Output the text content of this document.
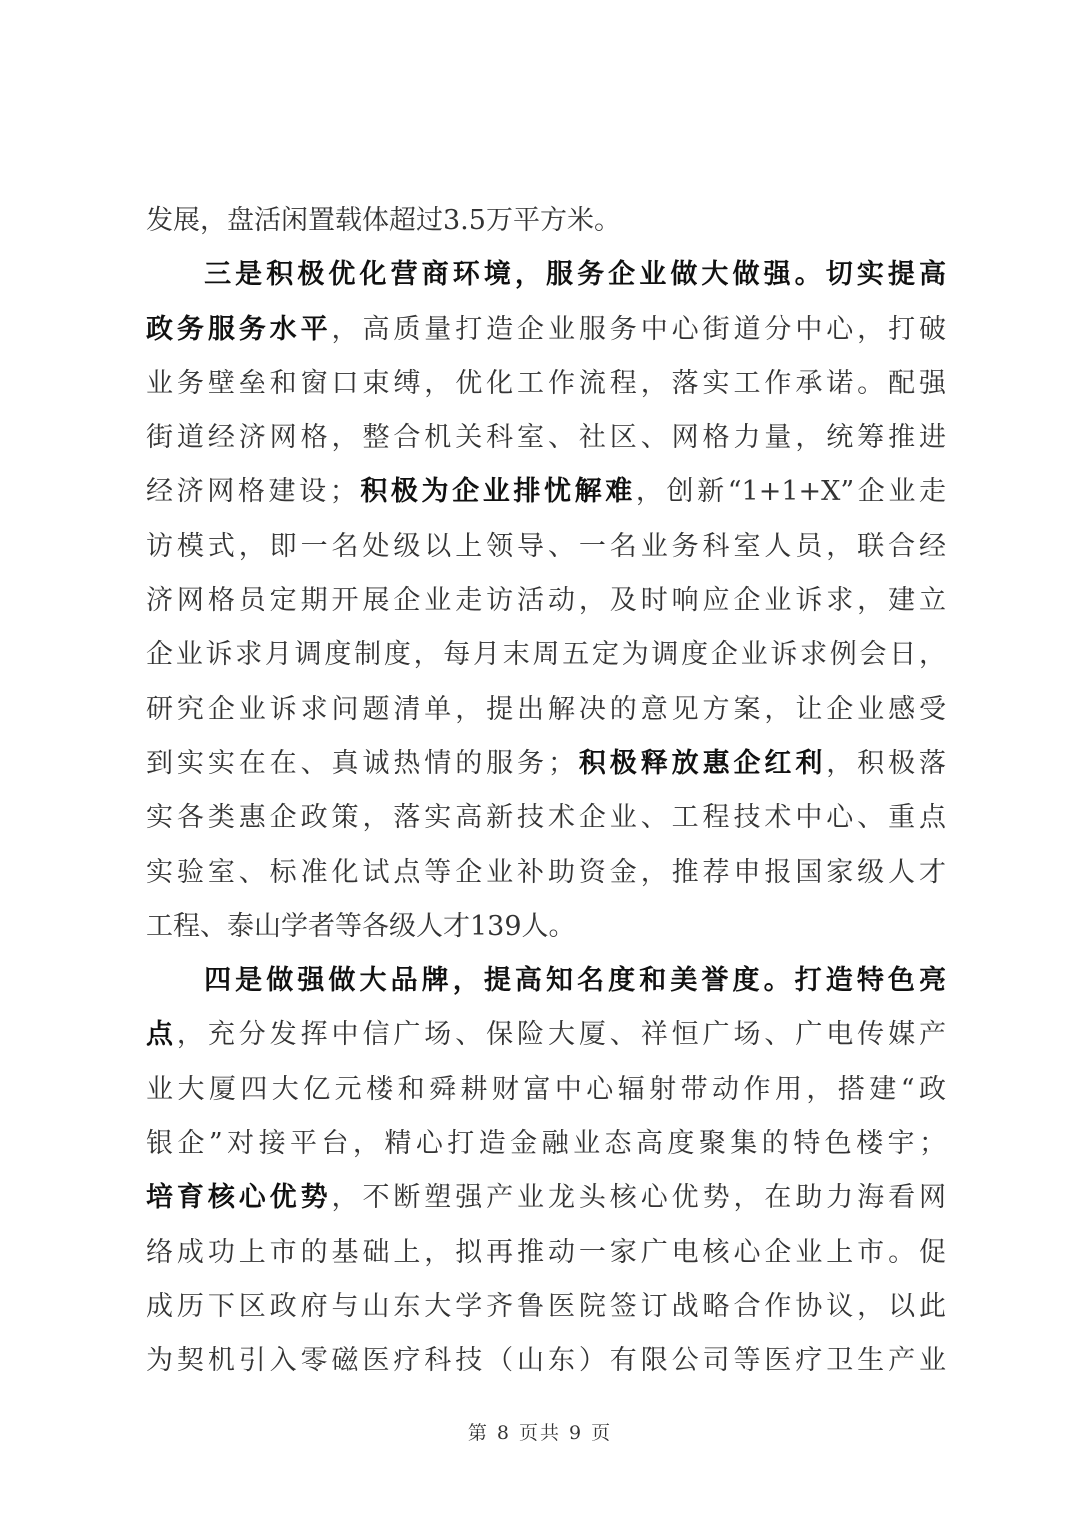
发展，盘活闲置载体超过3.5万平方米。
三是积极优化营商环境，服务企业做大做强。切实提高
政务服务水平，高质量打造企业服务中心街道分中心，打破
业务壁垒和窗口束缚，优化工作流程，落实工作承诺。配强
街道经济网格，整合机关科室、社区、网格力量，统筹推进
经济网格建设；积极为企业排忧解难，创新“1+1+X”企业走
访模式，即一名处级以上领导、一名业务科室人员，联合经
济网格员定期开展企业走访活动，及时响应企业诉求，建立
企业诉求月调度制度，每月末周五定为调度企业诉求例会日，
研究企业诉求问题清单，提出解决的意见方案，让企业感受
到实实在在、真诚热情的服务；积极释放惠企红利，积极落
实各类惠企政策，落实高新技术企业、工程技术中心、重点
实验室、标准化试点等企业补助资金，推荐申报国家级人才
工程、泰山学者等各级人才139人。
四是做强做大品牌，提高知名度和美誉度。打造特色亮
点，充分发挥中信广场、保险大厦、祥恒广场、广电传媒产
业大厦四大亿元楼和舜耕财富中心辐射带动作用，搭建“政
银企”对接平台，精心打造金融业态高度聚集的特色楼宇；
培育核心优势，不断塑强产业龙头核心优势，在助力海看网
络成功上市的基础上，拟再推动一家广电核心企业上市。促
成历下区政府与山东大学齐鲁医院签订战略合作协议，以此
为契机引入零磁医疗科技（山东）有限公司等医疗卫生产业
第 8 页共 9 页
